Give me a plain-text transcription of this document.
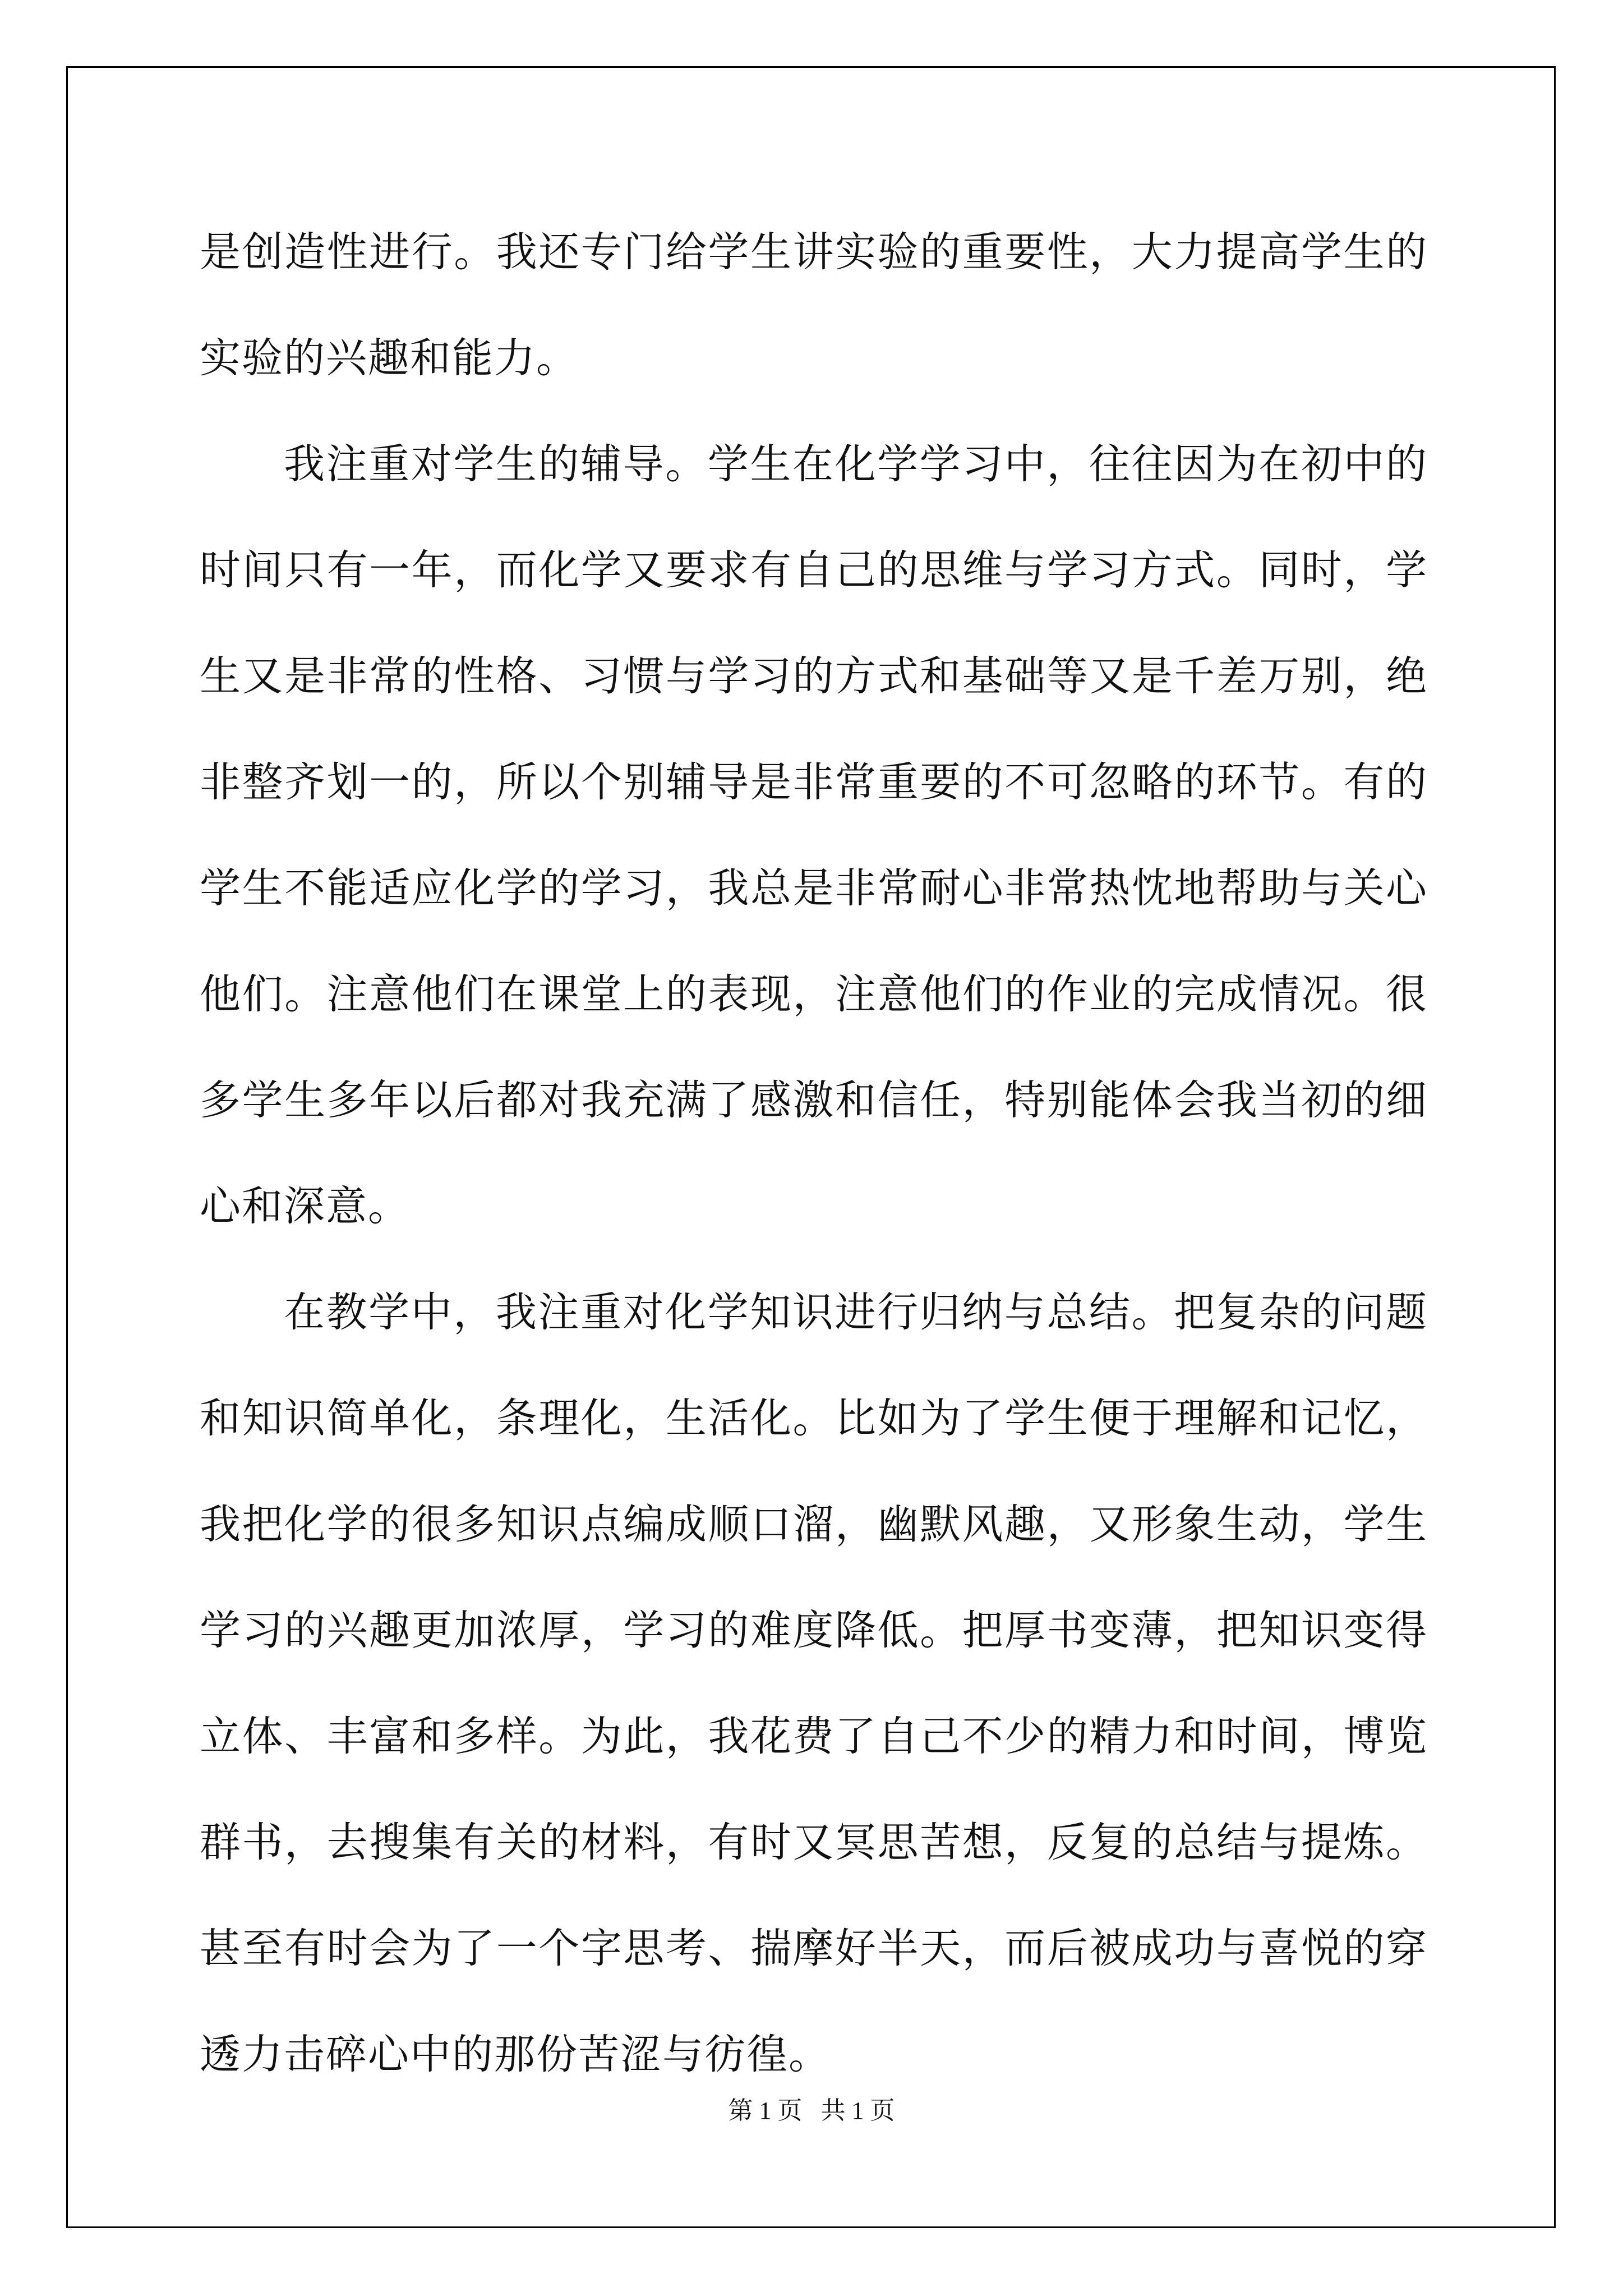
是创造性进行。我还专门给学生讲实验的重要性，大力提高学生的实验的兴趣和能力。

我注重对学生的辅导。学生在化学学习中，往往因为在初中的时间只有一年，而化学又要求有自己的思维与学习方式。同时，学生又是非常的性格、习惯与学习的方式和基础等又是千差万别，绝非整齐划一的，所以个别辅导是非常重要的不可忽略的环节。有的学生不能适应化学的学习，我总是非常耐心非常热忱地帮助与关心他们。注意他们在课堂上的表现，注意他们的作业的完成情况。很多学生多年以后都对我充满了感激和信任，特别能体会我当初的细心和深意。

在教学中，我注重对化学知识进行归纳与总结。把复杂的问题和知识简单化，条理化，生活化。比如为了学生便于理解和记忆，我把化学的很多知识点编成顺口溜，幽默风趣，又形象生动，学生学习的兴趣更加浓厚，学习的难度降低。把厚书变薄，把知识变得立体、丰富和多样。为此，我花费了自己不少的精力和时间，博览群书，去搜集有关的材料，有时又冥思苦想，反复的总结与提炼。甚至有时会为了一个字思考、揣摩好半天，而后被成功与喜悦的穿透力击碎心中的那份苦涩与彷徨。

第 1 页   共 1 页
